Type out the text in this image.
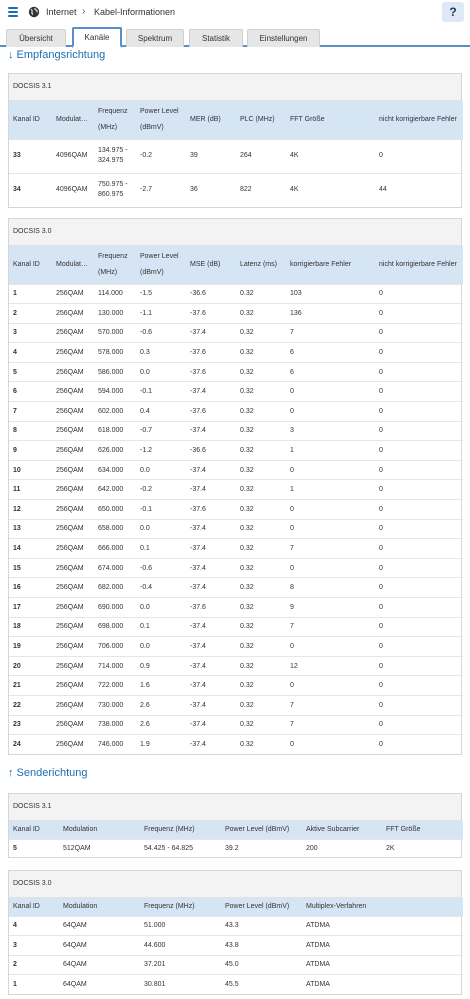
Internet › Kabel-Informationen	?
Übersicht	Kanäle	Spektrum	Statistik	Einstellungen
↓ Empfangsrichtung
DOCSIS 3.1
Kanal ID	Modulat…	Frequenz (MHz)	Power Level (dBmV)	MER (dB)	PLC (MHz)	FFT Größe	nicht korrigierbare Fehler
33	4096QAM	134.975 - 324.975	-0.2	39	264	4K	0
34	4096QAM	750.975 - 860.975	-2.7	36	822	4K	44
DOCSIS 3.0
Kanal ID	Modulat…	Frequenz (MHz)	Power Level (dBmV)	MSE (dB)	Latenz (ms)	korrigierbare Fehler	nicht korrigierbare Fehler
1	256QAM	114.000	-1.5	-36.6	0.32	103	0
2	256QAM	130.000	-1.1	-37.6	0.32	136	0
3	256QAM	570.000	-0.6	-37.4	0.32	7	0
4	256QAM	578.000	0.3	-37.6	0.32	6	0
5	256QAM	586.000	0.0	-37.6	0.32	6	0
6	256QAM	594.000	-0.1	-37.4	0.32	0	0
7	256QAM	602.000	0.4	-37.6	0.32	0	0
8	256QAM	618.000	-0.7	-37.4	0.32	3	0
9	256QAM	626.000	-1.2	-36.6	0.32	1	0
10	256QAM	634.000	0.0	-37.4	0.32	0	0
11	256QAM	642.000	-0.2	-37.4	0.32	1	0
12	256QAM	650.000	-0.1	-37.6	0.32	0	0
13	256QAM	658.000	0.0	-37.4	0.32	0	0
14	256QAM	666.000	0.1	-37.4	0.32	7	0
15	256QAM	674.000	-0.6	-37.4	0.32	0	0
16	256QAM	682.000	-0.4	-37.4	0.32	8	0
17	256QAM	690.000	0.0	-37.6	0.32	9	0
18	256QAM	698.000	0.1	-37.4	0.32	7	0
19	256QAM	706.000	0.0	-37.4	0.32	0	0
20	256QAM	714.000	0.9	-37.4	0.32	12	0
21	256QAM	722.000	1.6	-37.4	0.32	0	0
22	256QAM	730.000	2.6	-37.4	0.32	7	0
23	256QAM	738.000	2.6	-37.4	0.32	7	0
24	256QAM	746.000	1.9	-37.4	0.32	0	0
↑ Senderichtung
DOCSIS 3.1
Kanal ID	Modulation	Frequenz (MHz)	Power Level (dBmV)	Aktive Subcarrier	FFT Größe
5	512QAM	54.425 - 64.825	39.2	200	2K
DOCSIS 3.0
Kanal ID	Modulation	Frequenz (MHz)	Power Level (dBmV)	Multiplex-Verfahren
4	64QAM	51.000	43.3	ATDMA
3	64QAM	44.600	43.8	ATDMA
2	64QAM	37.201	45.0	ATDMA
1	64QAM	30.801	45.5	ATDMA
